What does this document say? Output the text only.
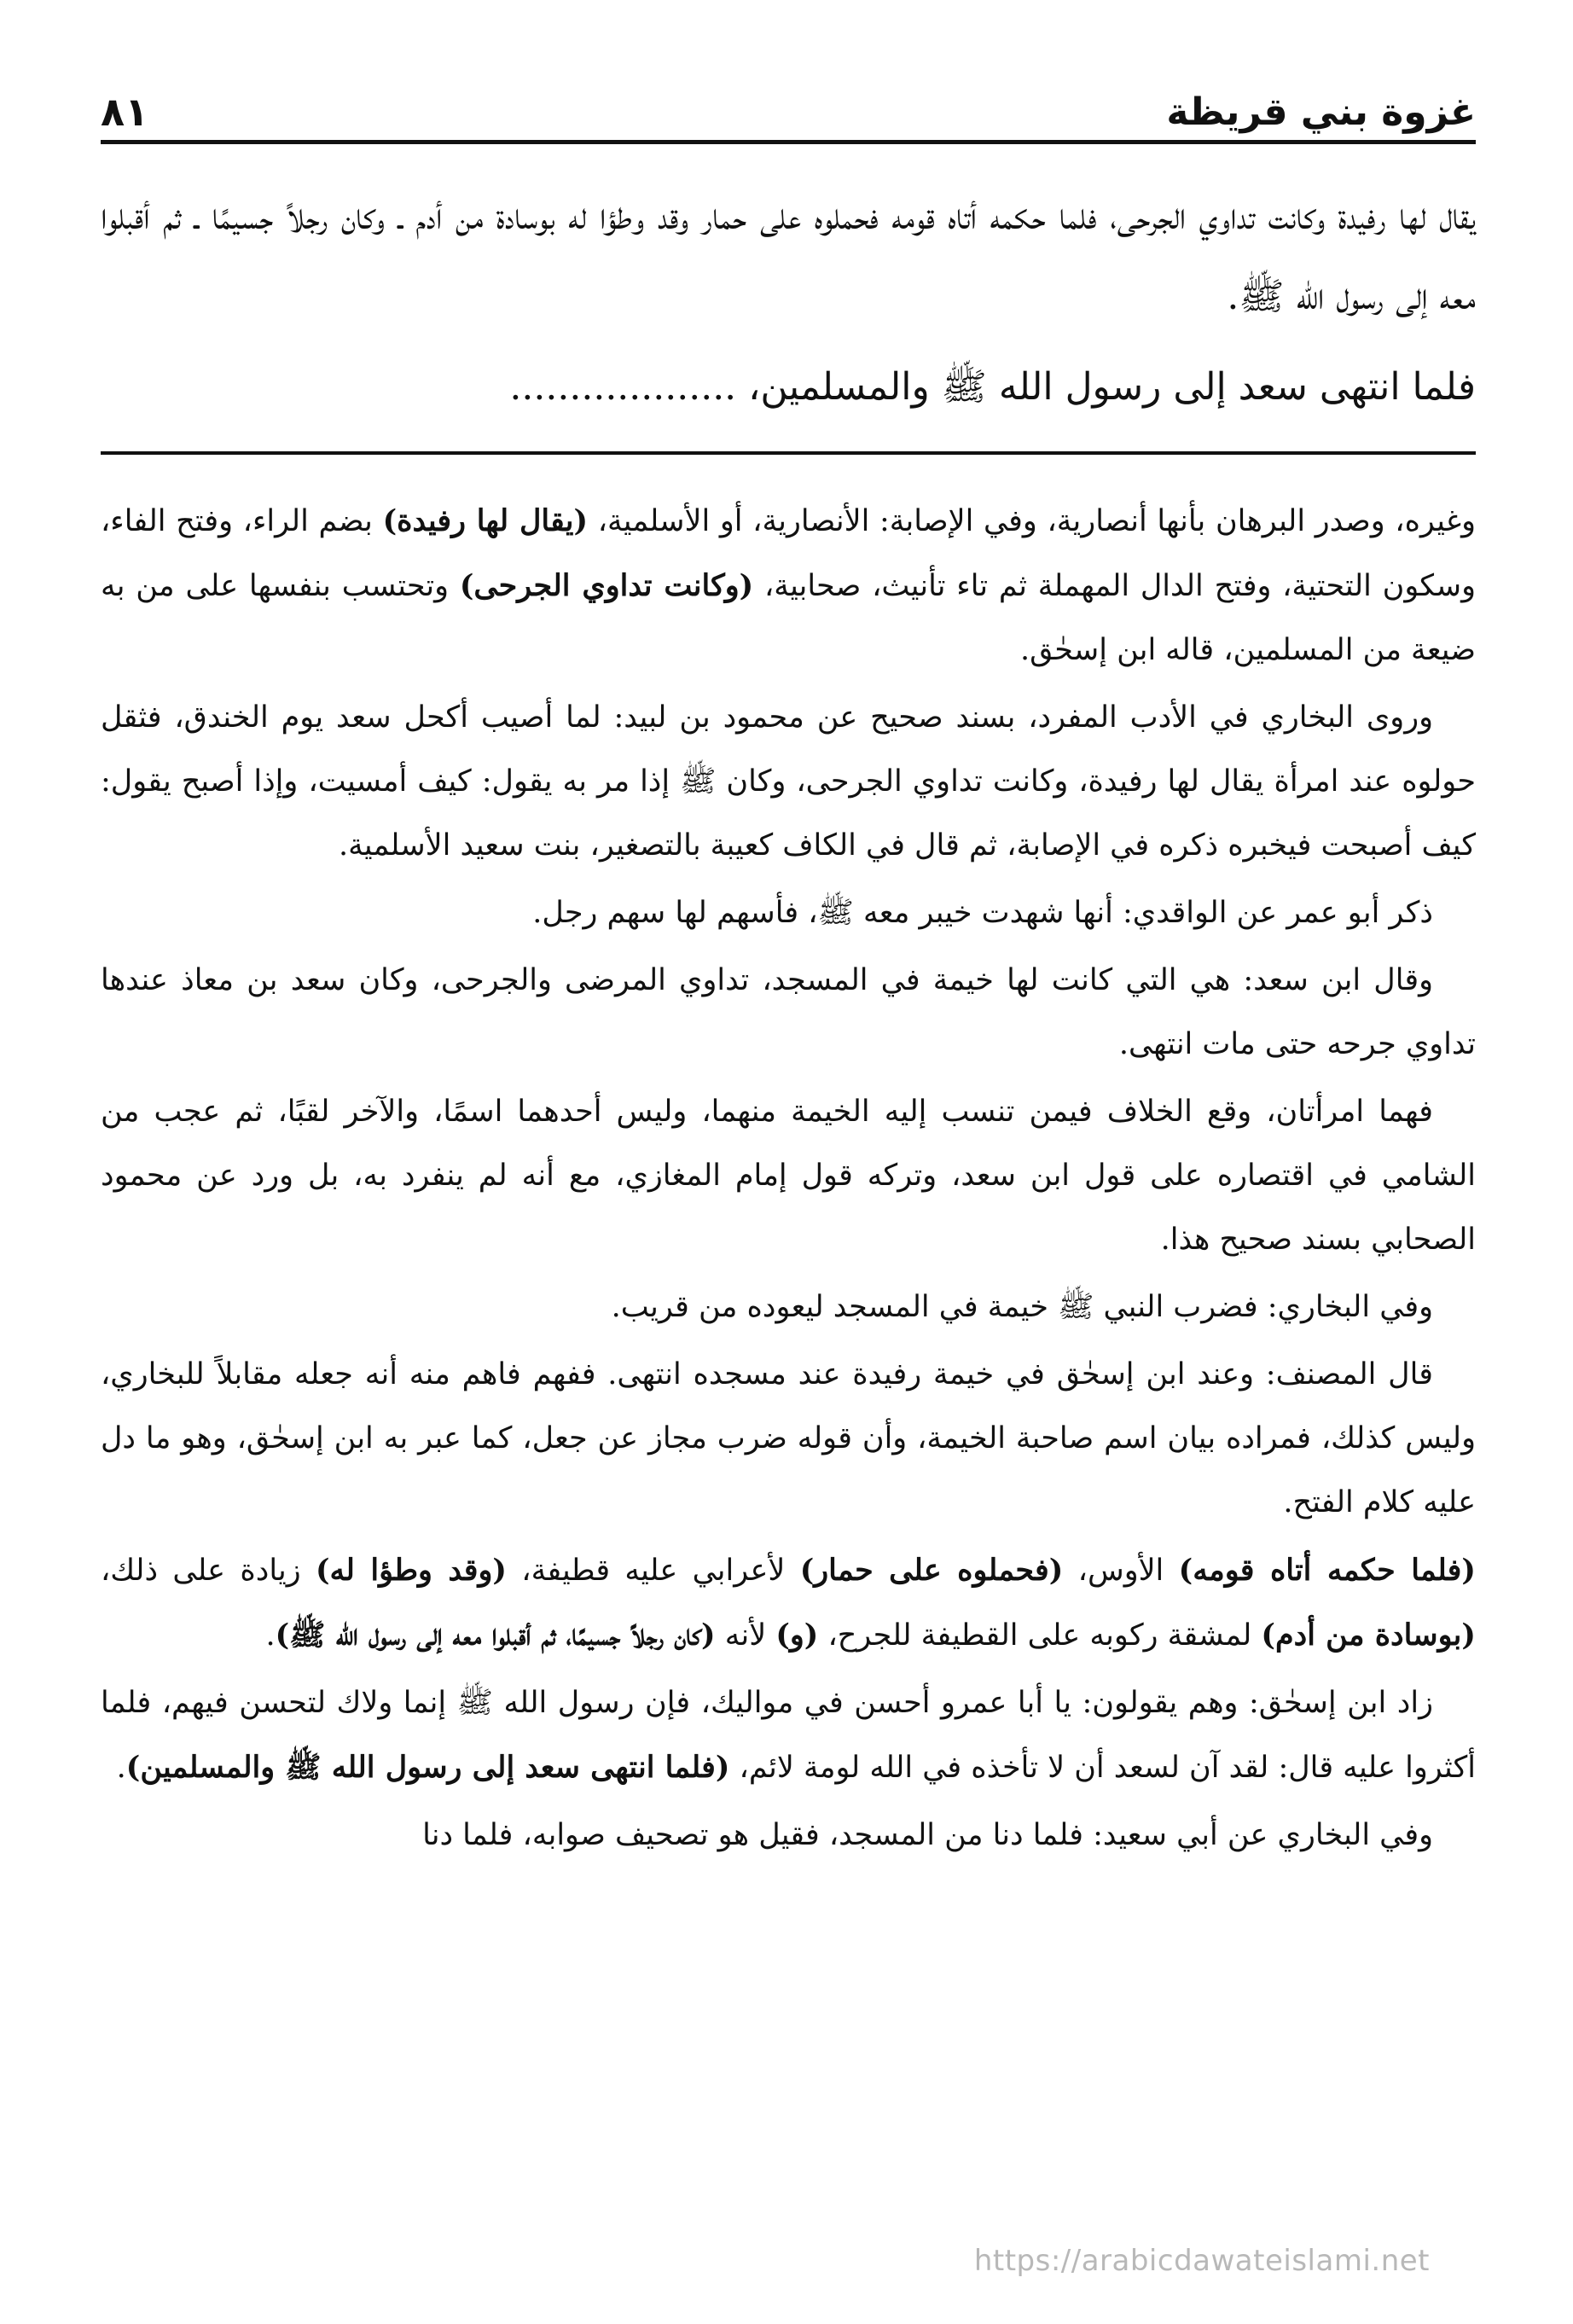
غزوة بني قريظة
٨١

يقال لها رفيدة وكانت تداوي الجرحى، فلما حكمه أتاه قومه فحملوه على حمار وقد وطؤا له بوسادة من أدم ـ وكان رجلاً جسيمًا ـ ثم أقبلوا معه إلى رسول الله ﷺ.

فلما انتهى سعد إلى رسول الله ﷺ والمسلمين، ...................

وغيره، وصدر البرهان بأنها أنصارية، وفي الإصابة: الأنصارية، أو الأسلمية، (يقال لها رفيدة) بضم الراء، وفتح الفاء، وسكون التحتية، وفتح الدال المهملة ثم تاء تأنيث، صحابية، (وكانت تداوي الجرحى) وتحتسب بنفسها على من به ضيعة من المسلمين، قاله ابن إسحٰق.

وروى البخاري في الأدب المفرد، بسند صحيح عن محمود بن لبيد: لما أصيب أكحل سعد يوم الخندق، فثقل حولوه عند امرأة يقال لها رفيدة، وكانت تداوي الجرحى، وكان ﷺ إذا مر به يقول: كيف أمسيت، وإذا أصبح يقول: كيف أصبحت فيخبره ذكره في الإصابة، ثم قال في الكاف كعيبة بالتصغير، بنت سعيد الأسلمية.

ذكر أبو عمر عن الواقدي: أنها شهدت خيبر معه ﷺ، فأسهم لها سهم رجل.

وقال ابن سعد: هي التي كانت لها خيمة في المسجد، تداوي المرضى والجرحى، وكان سعد بن معاذ عندها تداوي جرحه حتى مات انتهى.

فهما امرأتان، وقع الخلاف فيمن تنسب إليه الخيمة منهما، وليس أحدهما اسمًا، والآخر لقبًا، ثم عجب من الشامي في اقتصاره على قول ابن سعد، وتركه قول إمام المغازي، مع أنه لم ينفرد به، بل ورد عن محمود الصحابي بسند صحيح هذا.

وفي البخاري: فضرب النبي ﷺ خيمة في المسجد ليعوده من قريب.

قال المصنف: وعند ابن إسحٰق في خيمة رفيدة عند مسجده انتهى. ففهم فاهم منه أنه جعله مقابلاً للبخاري، وليس كذلك، فمراده بيان اسم صاحبة الخيمة، وأن قوله ضرب مجاز عن جعل، كما عبر به ابن إسحٰق، وهو ما دل عليه كلام الفتح.

(فلما حكمه أتاه قومه) الأوس، (فحملوه على حمار) لأعرابي عليه قطيفة، (وقد وطؤا له) زيادة على ذلك، (بوسادة من أدم) لمشقة ركوبه على القطيفة للجرح، (و) لأنه (كان رجلاً جسيمًا، ثم أقبلوا معه إلى رسول الله ﷺ).

زاد ابن إسحٰق: وهم يقولون: يا أبا عمرو أحسن في مواليك، فإن رسول الله ﷺ إنما ولاك لتحسن فيهم، فلما أكثروا عليه قال: لقد آن لسعد أن لا تأخذه في الله لومة لائم، (فلما انتهى سعد إلى رسول الله ﷺ والمسلمين).

وفي البخاري عن أبي سعيد: فلما دنا من المسجد، فقيل هو تصحيف صوابه، فلما دنا

https://arabicdawateislami.net
